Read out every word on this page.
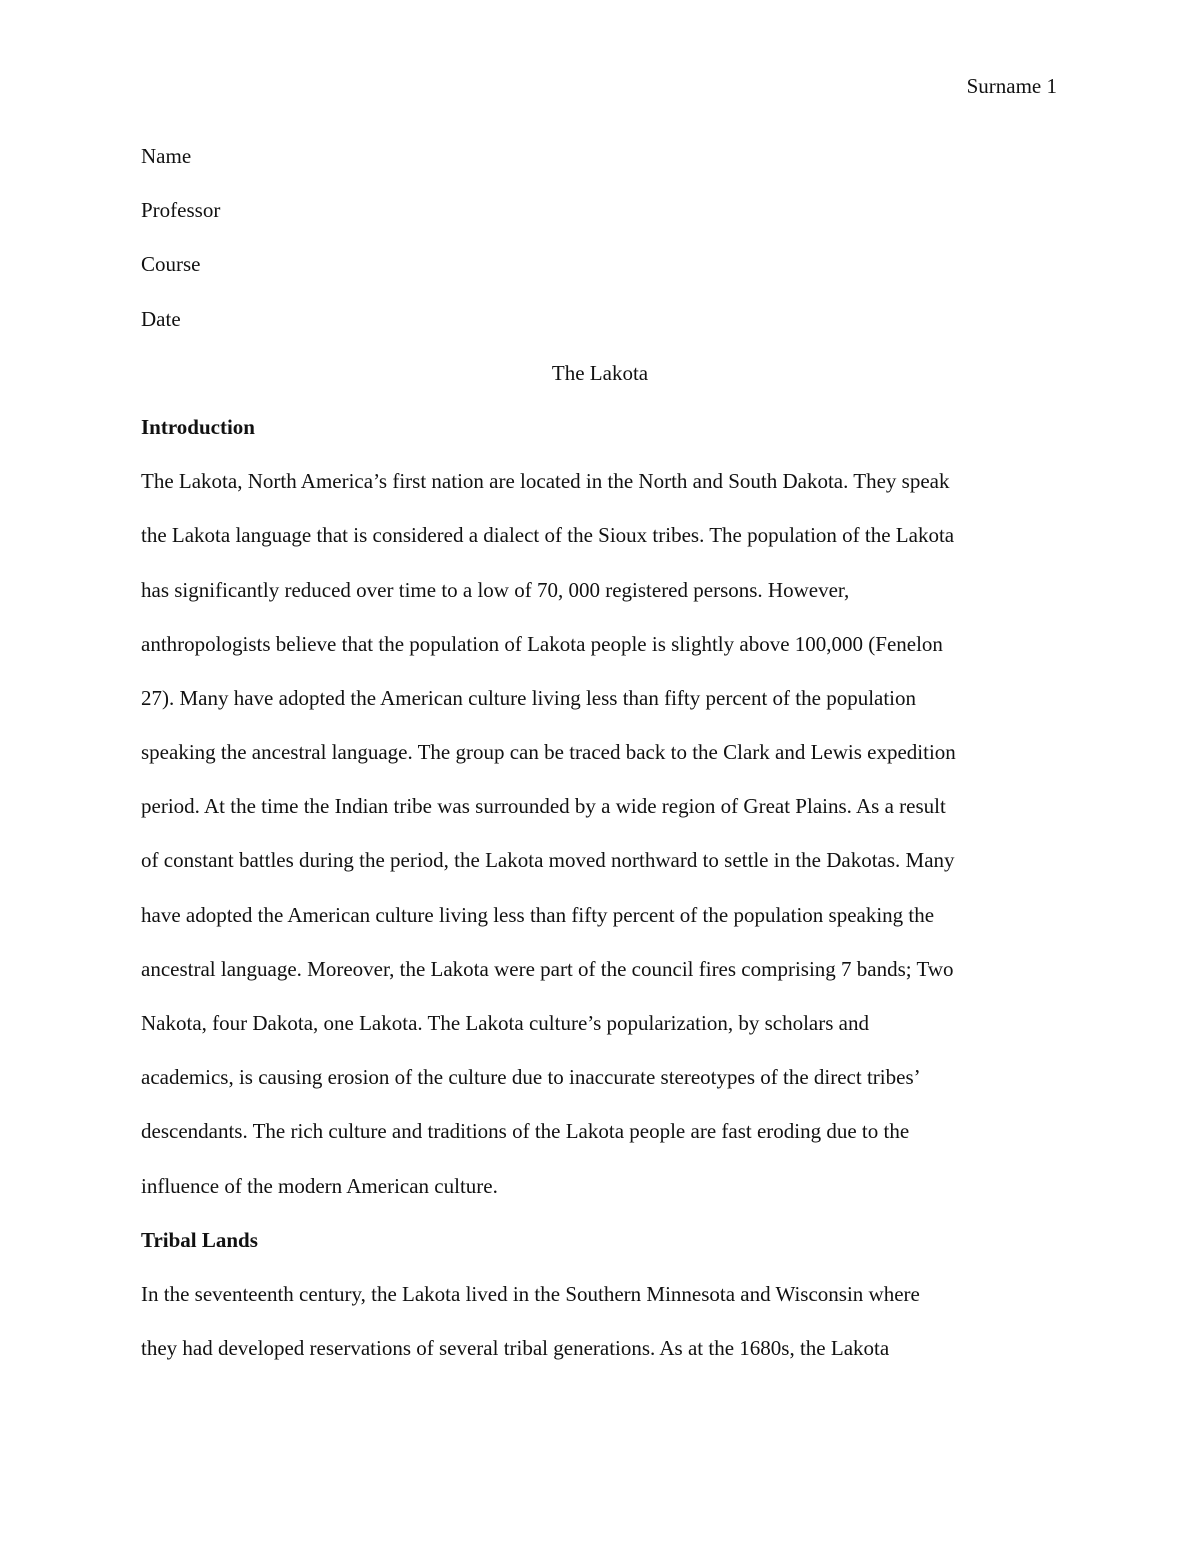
Surname 1
Name
Professor
Course
Date
The Lakota
Introduction
The Lakota, North America’s first nation are located in the North and South Dakota. They speak
the Lakota language that is considered a dialect of the Sioux tribes. The population of the Lakota
has significantly reduced over time to a low of 70, 000 registered persons. However,
anthropologists believe that the population of Lakota people is slightly above 100,000 (Fenelon
27). Many have adopted the American culture living less than fifty percent of the population
speaking the ancestral language. The group can be traced back to the Clark and Lewis expedition
period. At the time the Indian tribe was surrounded by a wide region of Great Plains. As a result
of constant battles during the period, the Lakota moved northward to settle in the Dakotas. Many
have adopted the American culture living less than fifty percent of the population speaking the
ancestral language. Moreover, the Lakota were part of the council fires comprising 7 bands; Two
Nakota, four Dakota, one Lakota. The Lakota culture’s popularization, by scholars and
academics, is causing erosion of the culture due to inaccurate stereotypes of the direct tribes’
descendants. The rich culture and traditions of the Lakota people are fast eroding due to the
influence of the modern American culture.
Tribal Lands
In the seventeenth century, the Lakota lived in the Southern Minnesota and Wisconsin where
they had developed reservations of several tribal generations. As at the 1680s, the Lakota
